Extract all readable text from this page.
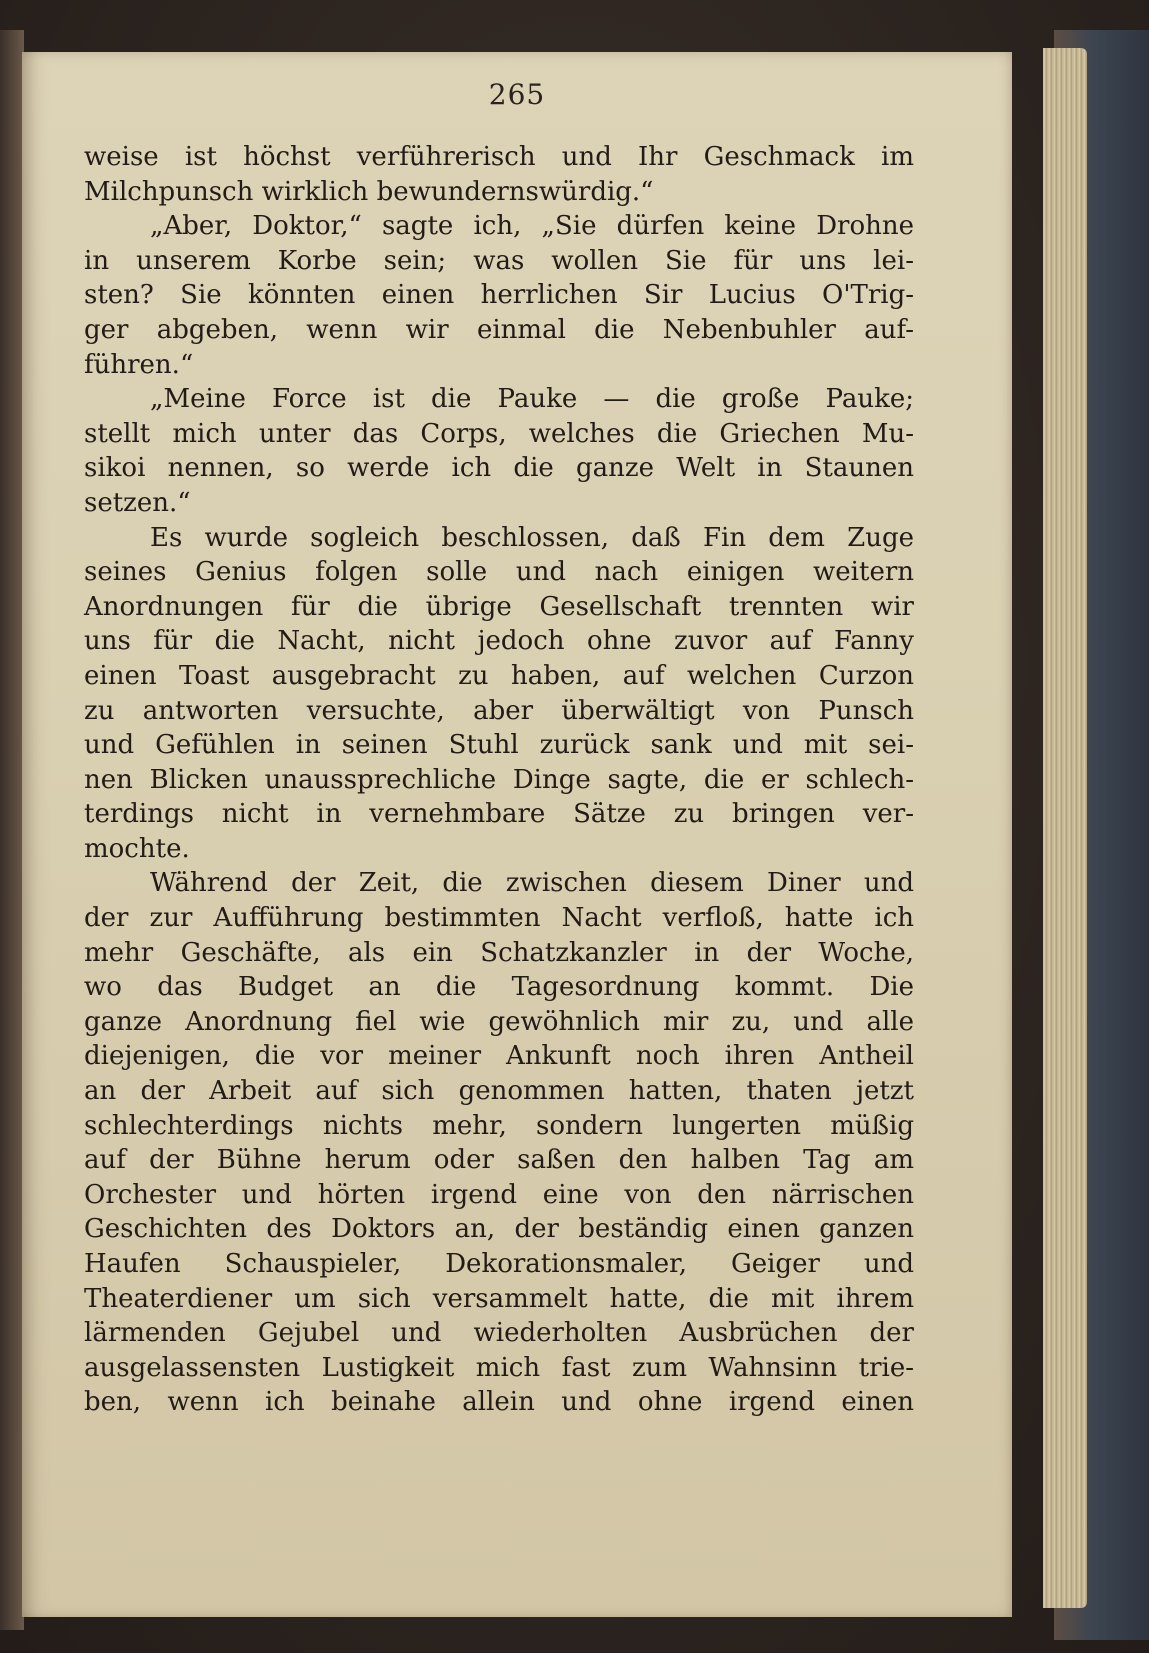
265
weise ist höchst verführerisch und Ihr Geschmack im
Milchpunsch wirklich bewundernswürdig.“
„Aber, Doktor,“ sagte ich, „Sie dürfen keine Drohne
in unserem Korbe sein; was wollen Sie für uns lei-
sten? Sie könnten einen herrlichen Sir Lucius O'Trig-
ger abgeben, wenn wir einmal die Nebenbuhler auf-
führen.“
„Meine Force ist die Pauke — die große Pauke;
stellt mich unter das Corps, welches die Griechen Mu-
sikoi nennen, so werde ich die ganze Welt in Staunen
setzen.“
Es wurde sogleich beschlossen, daß Fin dem Zuge
seines Genius folgen solle und nach einigen weitern
Anordnungen für die übrige Gesellschaft trennten wir
uns für die Nacht, nicht jedoch ohne zuvor auf Fanny
einen Toast ausgebracht zu haben, auf welchen Curzon
zu antworten versuchte, aber überwältigt von Punsch
und Gefühlen in seinen Stuhl zurück sank und mit sei-
nen Blicken unaussprechliche Dinge sagte, die er schlech-
terdings nicht in vernehmbare Sätze zu bringen ver-
mochte.
Während der Zeit, die zwischen diesem Diner und
der zur Aufführung bestimmten Nacht verfloß, hatte ich
mehr Geschäfte, als ein Schatzkanzler in der Woche,
wo das Budget an die Tagesordnung kommt. Die
ganze Anordnung fiel wie gewöhnlich mir zu, und alle
diejenigen, die vor meiner Ankunft noch ihren Antheil
an der Arbeit auf sich genommen hatten, thaten jetzt
schlechterdings nichts mehr, sondern lungerten müßig
auf der Bühne herum oder saßen den halben Tag am
Orchester und hörten irgend eine von den närrischen
Geschichten des Doktors an, der beständig einen ganzen
Haufen Schauspieler, Dekorationsmaler, Geiger und
Theaterdiener um sich versammelt hatte, die mit ihrem
lärmenden Gejubel und wiederholten Ausbrüchen der
ausgelassensten Lustigkeit mich fast zum Wahnsinn trie-
ben, wenn ich beinahe allein und ohne irgend einen
